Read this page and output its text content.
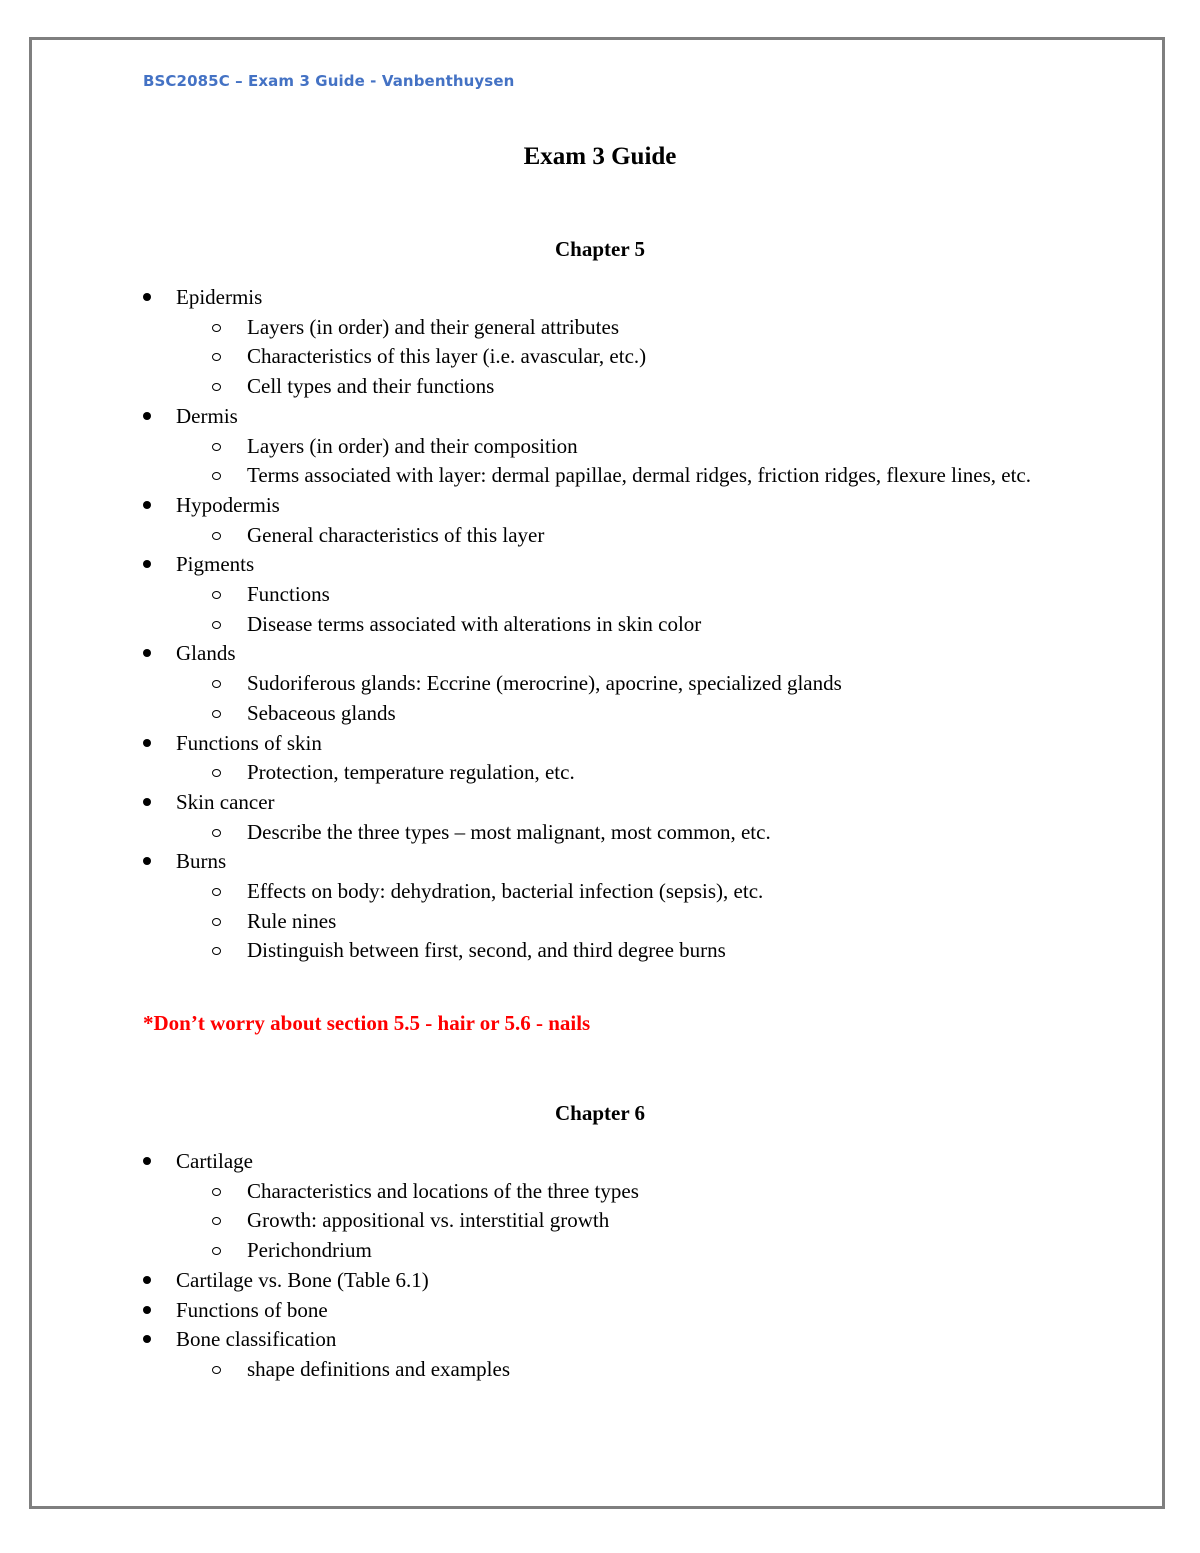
BSC2085C – Exam 3 Guide - Vanbenthuysen
Exam 3 Guide
Chapter 5
Epidermis
Layers (in order) and their general attributes
Characteristics of this layer (i.e. avascular, etc.)
Cell types and their functions
Dermis
Layers (in order) and their composition
Terms associated with layer: dermal papillae, dermal ridges, friction ridges, flexure lines, etc.
Hypodermis
General characteristics of this layer
Pigments
Functions
Disease terms associated with alterations in skin color
Glands
Sudoriferous glands: Eccrine (merocrine), apocrine, specialized glands
Sebaceous glands
Functions of skin
Protection, temperature regulation, etc.
Skin cancer
Describe the three types – most malignant, most common, etc.
Burns
Effects on body: dehydration, bacterial infection (sepsis), etc.
Rule nines
Distinguish between first, second, and third degree burns
*Don’t worry about section 5.5 - hair or 5.6 - nails
Chapter 6
Cartilage
Characteristics and locations of the three types
Growth: appositional vs. interstitial growth
Perichondrium
Cartilage vs. Bone (Table 6.1)
Functions of bone
Bone classification
shape definitions and examples
